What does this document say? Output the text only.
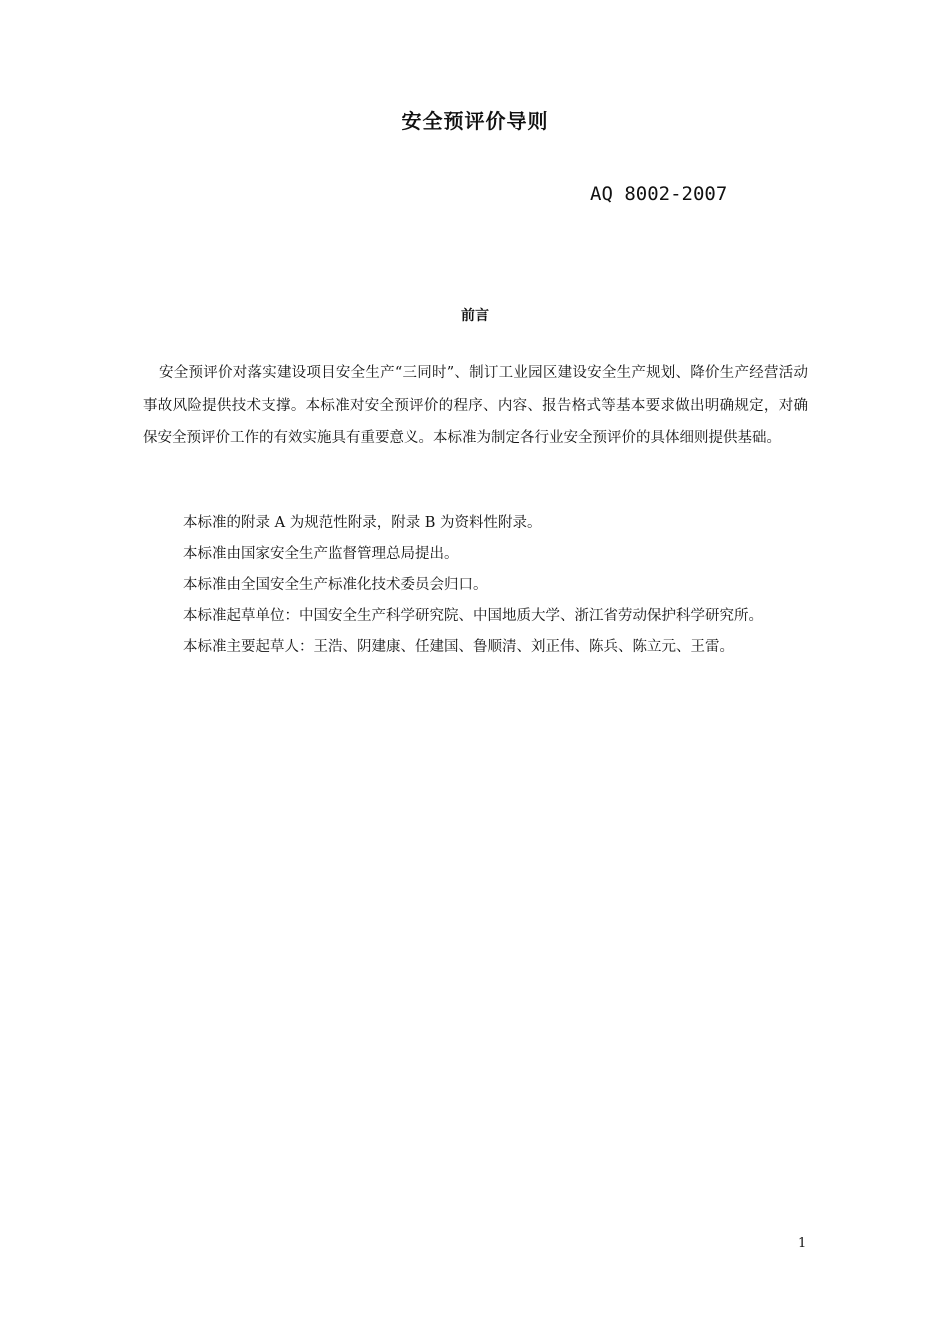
安全预评价导则
AQ 8002-2007
前言

安全预评价对落实建设项目安全生产“三同时”、制订工业园区建设安全生产规划、降价生产经营活动事故风险提供技术支撑。本标准对安全预评价的程序、内容、报告格式等基本要求做出明确规定，对确保安全预评价工作的有效实施具有重要意义。本标准为制定各行业安全预评价的具体细则提供基础。

本标准的附录 A 为规范性附录，附录 B 为资料性附录。
本标准由国家安全生产监督管理总局提出。
本标准由全国安全生产标准化技术委员会归口。
本标准起草单位：中国安全生产科学研究院、中国地质大学、浙江省劳动保护科学研究所。
本标准主要起草人：王浩、阴建康、任建国、鲁顺清、刘正伟、陈兵、陈立元、王雷。
1
